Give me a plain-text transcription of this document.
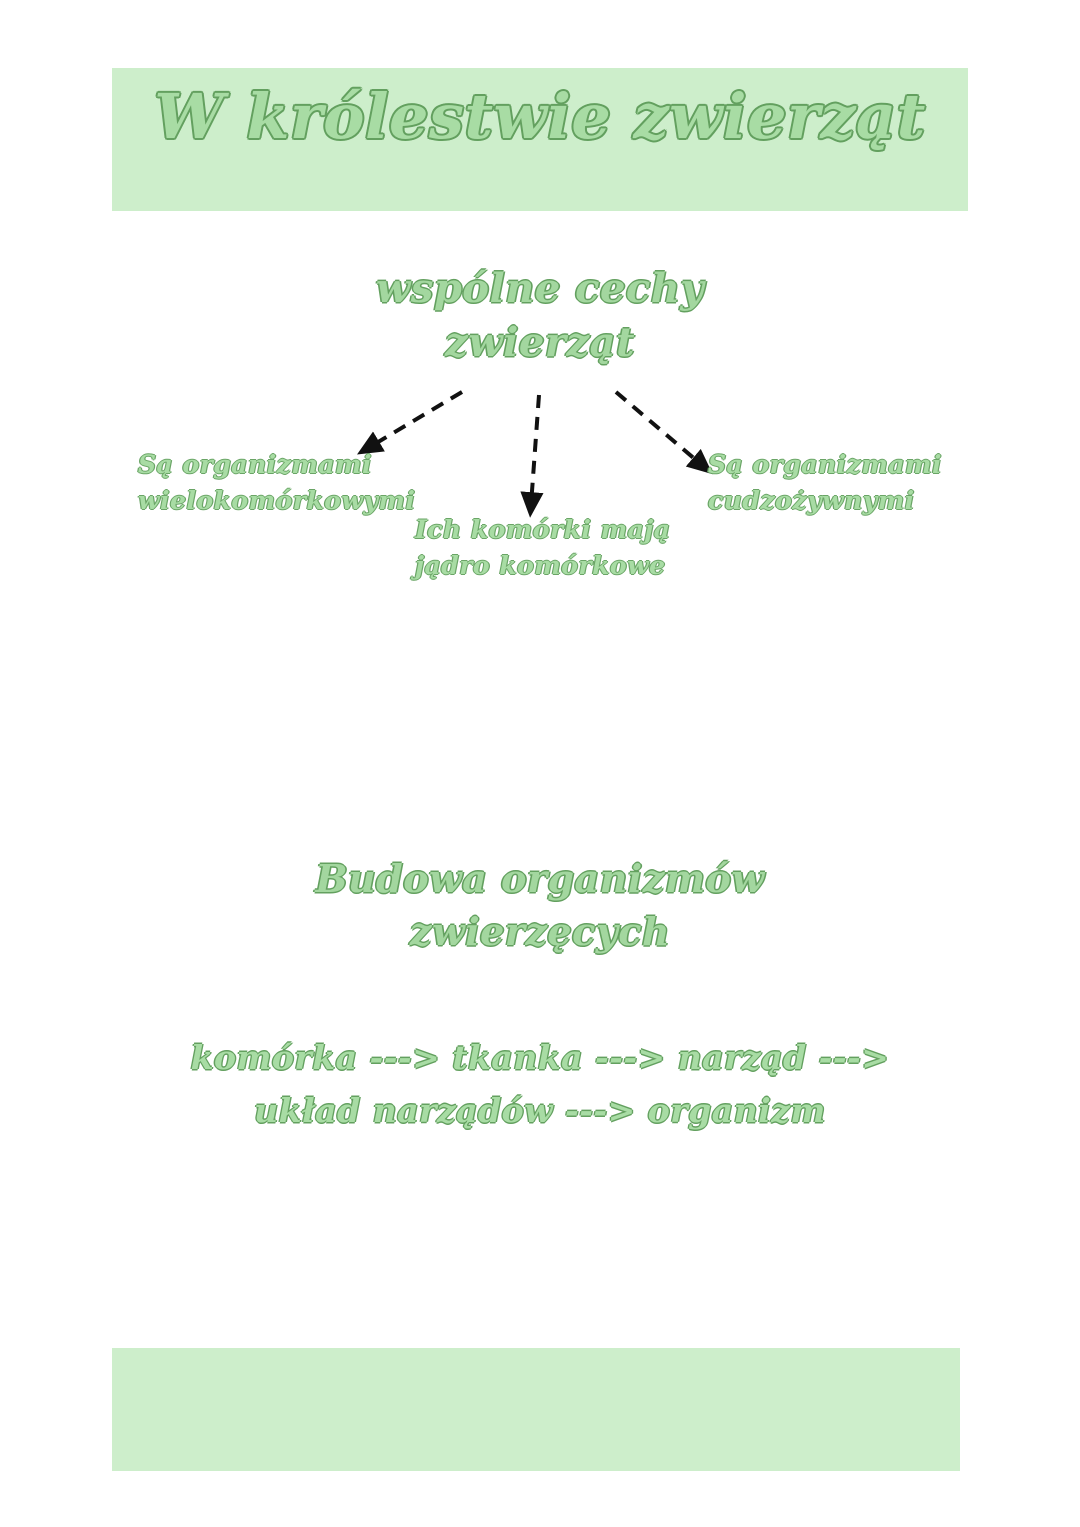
W królestwie zwierząt
wspólne cechy
zwierząt
Są organizmami
wielokomórkowymi
Ich komórki mają
jądro komórkowe
Są organizmami
cudzożywnymi
Budowa organizmów
zwierzęcych
komórka ---> tkanka ---> narząd --->
układ narządów ---> organizm
